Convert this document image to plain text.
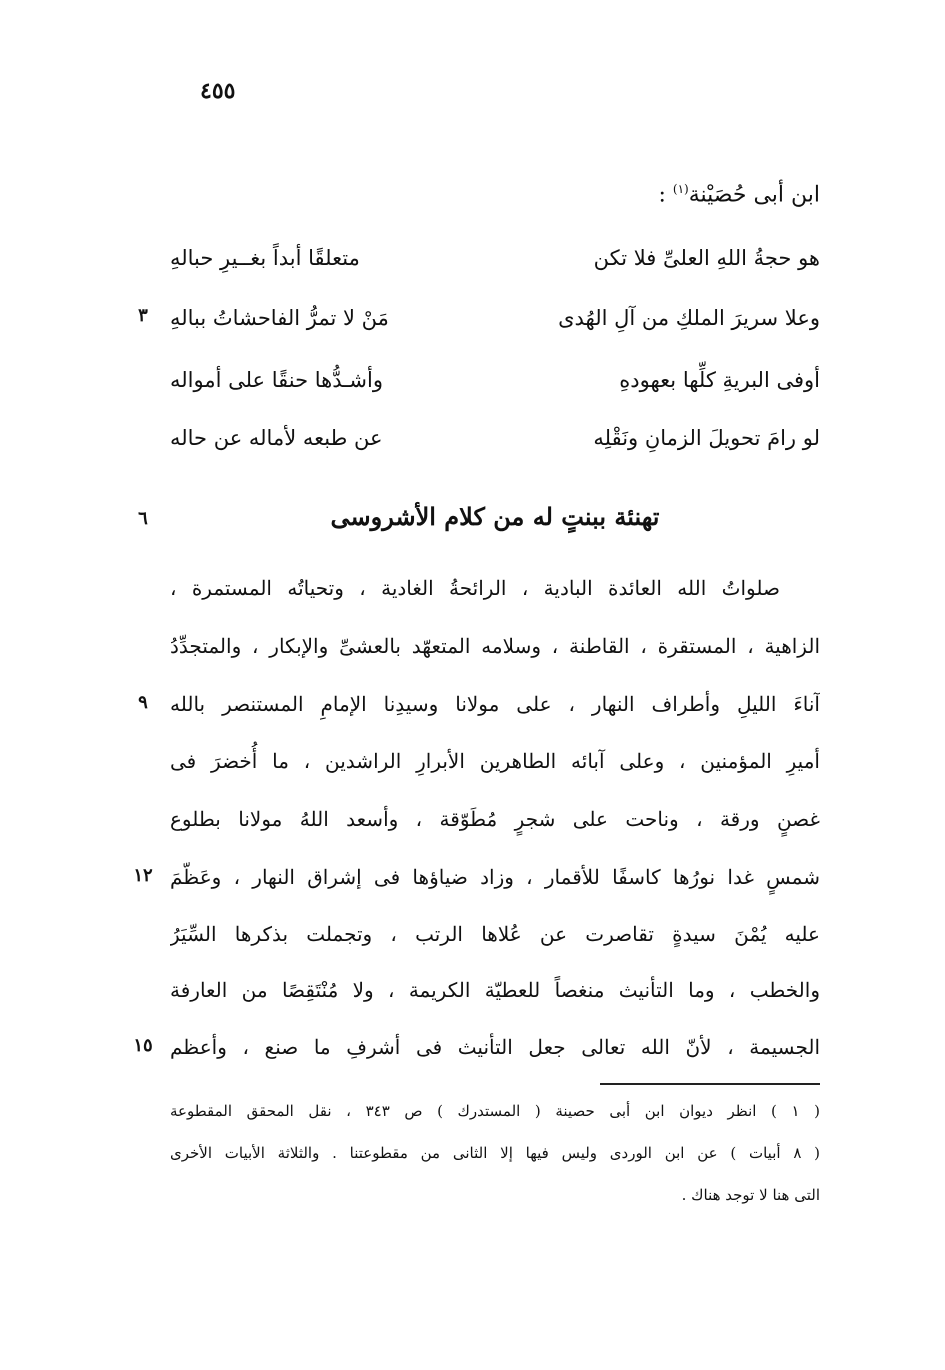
٤٥٥
ابن أبى حُصَيْنة$^{(١)}$ :
هو حجةُ اللهِ العلىِّ فلا تكن
متعلقًا أبداً بغــيرِ حبالهِ
وعلا سريرَ الملكِ من آلِ الهُدى
مَنْ لا تمرُّ الفاحشاتُ ببالهِ
٣
أوفى البريةِ كلِّها بعهودهِ
وأشـدُّها حنقًا على أمواله
لو رامَ تحويلَ الزمانِ ونَقْلِه
عن طبعه لأماله عن حاله
تهنئة ببنتٍ له من كلام الأشروسى
٦
صلواتُ الله العائدة البادية ، الرائحةُ الغادية ، وتحياتُه المستمرة ،
الزاهية ، المستقرة ، القاطنة ، وسلامه المتعهّد بالعشىِّ والإبكار ، والمتجدِّدُ
آناءَ الليلِ وأطراف النهار ، على مولانا وسيدِنا الإمامِ المستنصر بالله
٩
أميرِ المؤمنين ، وعلى آبائه الطاهرين الأبرارِ الراشدين ، ما أُخضرَ فى
غصنٍ ورقة ، وناحت على شجرٍ مُطَوّقة ، وأسعد اللهُ مولانا بطلوع
شمسٍ غدا نورُها كاسفًا للأقمار ، وزاد ضياؤها فى إشراق النهار ، وعَظّمَ
١٢
عليه يُمْنَ سيدةٍ تقاصرت عن عُلاها الرتب ، وتجملت بذكرها السِّيَرُ
والخطب ، وما التأنيث منغصاً للعطيّة الكريمة ، ولا مُنْتَقِصًا من العارفة
الجسيمة ، لأنّ الله تعالى جعل التأنيث فى أشرفِ ما صنع ، وأعظم
١٥
( ١ ) انظر ديوان ابن أبى حصينة ( المستدرك ) ص ٣٤٣ ، نقل المحقق المقطوعة
( ٨ أبيات ) عن ابن الوردى وليس فيها إلا الثانى من مقطوعتنا . والثلاثة الأبيات الأخرى
التى هنا لا توجد هناك .
